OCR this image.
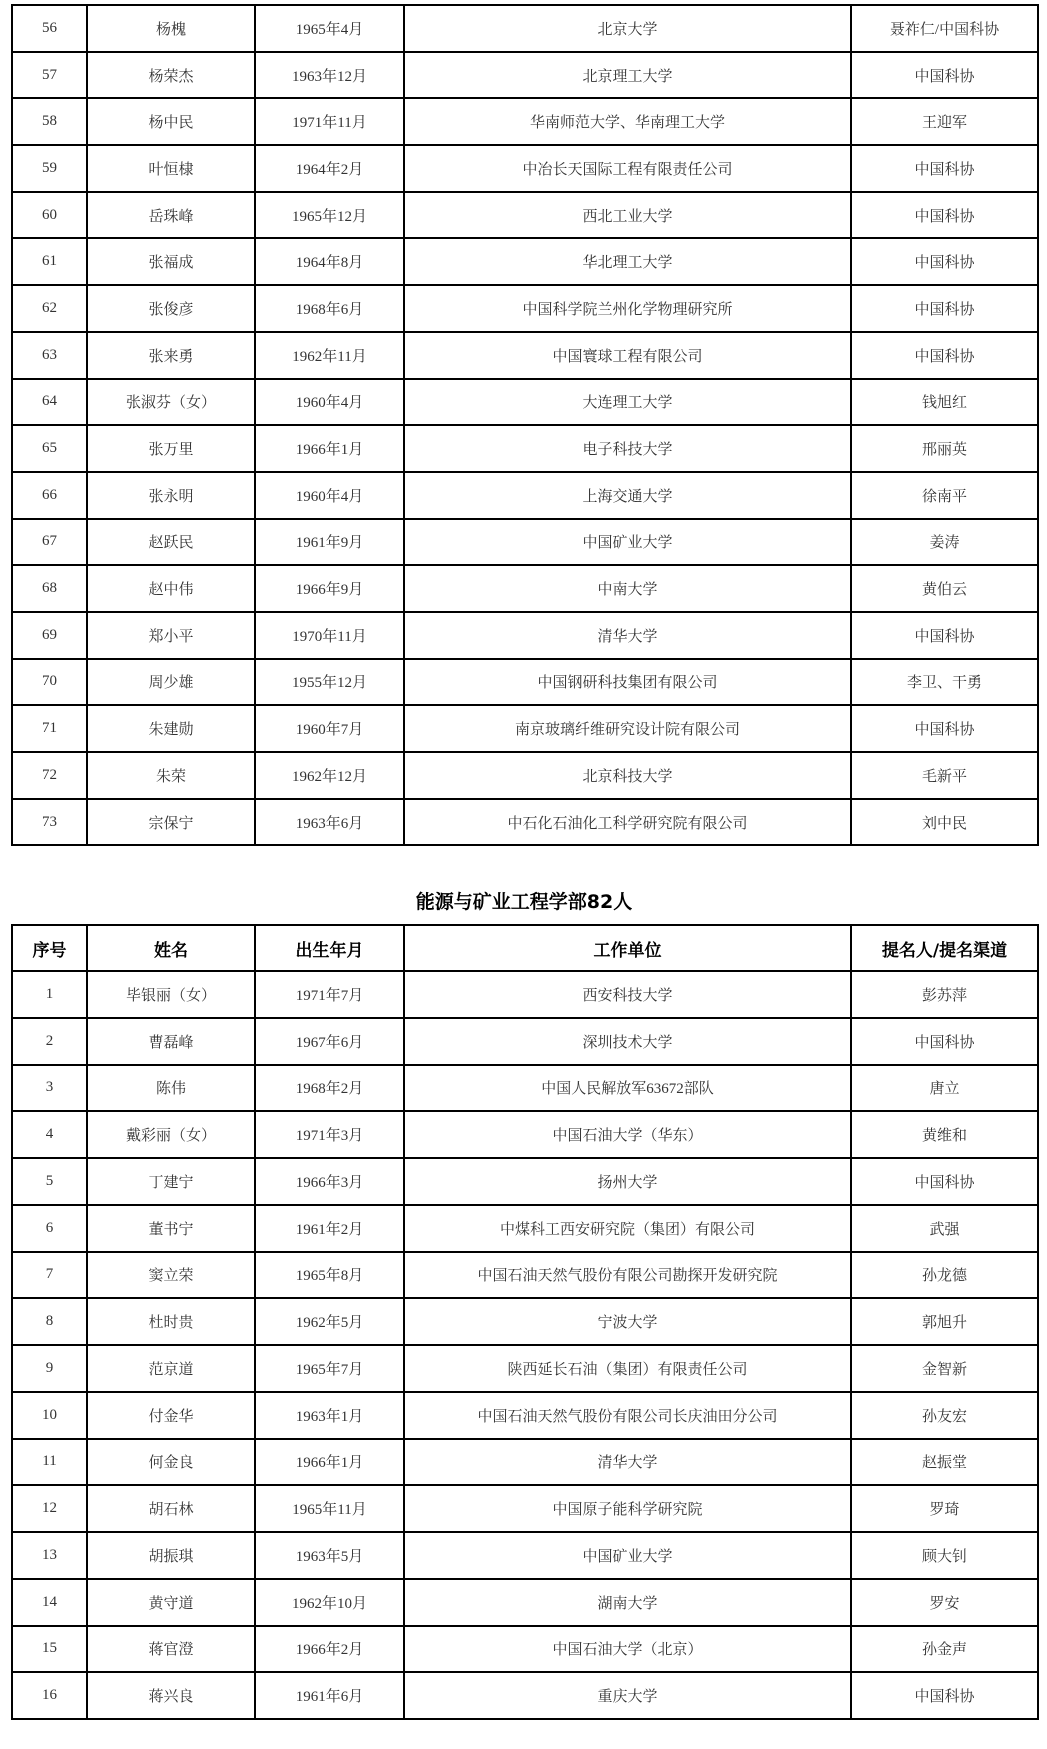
56	杨槐	1965年4月	北京大学	聂祚仁/中国科协
57	杨荣杰	1963年12月	北京理工大学	中国科协
58	杨中民	1971年11月	华南师范大学、华南理工大学	王迎军
59	叶恒棣	1964年2月	中冶长天国际工程有限责任公司	中国科协
60	岳珠峰	1965年12月	西北工业大学	中国科协
61	张福成	1964年8月	华北理工大学	中国科协
62	张俊彦	1968年6月	中国科学院兰州化学物理研究所	中国科协
63	张来勇	1962年11月	中国寰球工程有限公司	中国科协
64	张淑芬（女）	1960年4月	大连理工大学	钱旭红
65	张万里	1966年1月	电子科技大学	邢丽英
66	张永明	1960年4月	上海交通大学	徐南平
67	赵跃民	1961年9月	中国矿业大学	姜涛
68	赵中伟	1966年9月	中南大学	黄伯云
69	郑小平	1970年11月	清华大学	中国科协
70	周少雄	1955年12月	中国钢研科技集团有限公司	李卫、干勇
71	朱建勋	1960年7月	南京玻璃纤维研究设计院有限公司	中国科协
72	朱荣	1962年12月	北京科技大学	毛新平
73	宗保宁	1963年6月	中石化石油化工科学研究院有限公司	刘中民
能源与矿业工程学部82人
序号	姓名	出生年月	工作单位	提名人/提名渠道
1	毕银丽（女）	1971年7月	西安科技大学	彭苏萍
2	曹磊峰	1967年6月	深圳技术大学	中国科协
3	陈伟	1968年2月	中国人民解放军63672部队	唐立
4	戴彩丽（女）	1971年3月	中国石油大学（华东）	黄维和
5	丁建宁	1966年3月	扬州大学	中国科协
6	董书宁	1961年2月	中煤科工西安研究院（集团）有限公司	武强
7	窦立荣	1965年8月	中国石油天然气股份有限公司勘探开发研究院	孙龙德
8	杜时贵	1962年5月	宁波大学	郭旭升
9	范京道	1965年7月	陕西延长石油（集团）有限责任公司	金智新
10	付金华	1963年1月	中国石油天然气股份有限公司长庆油田分公司	孙友宏
11	何金良	1966年1月	清华大学	赵振堂
12	胡石林	1965年11月	中国原子能科学研究院	罗琦
13	胡振琪	1963年5月	中国矿业大学	顾大钊
14	黄守道	1962年10月	湖南大学	罗安
15	蒋官澄	1966年2月	中国石油大学（北京）	孙金声
16	蒋兴良	1961年6月	重庆大学	中国科协
